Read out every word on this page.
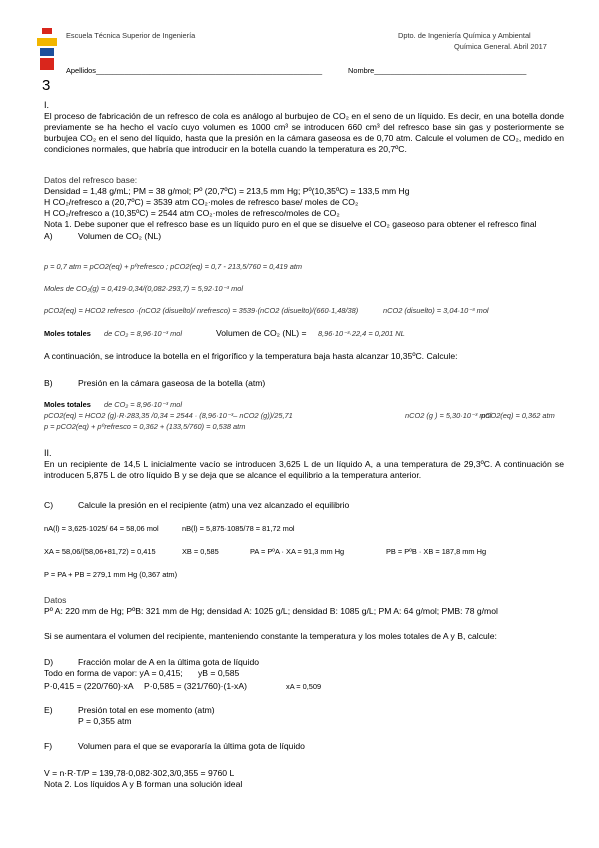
Escuela Técnica Superior de Ingeniería	Dpto. de Ingeniería Química y Ambiental
Química General. Abril 2017
Apellidos_______________________________________________________	Nombre_____________________________________
3
I.
El proceso de fabricación de un refresco de cola es análogo al burbujeo de CO₂ en el seno de un líquido. Es decir, en una botella donde previamente se ha hecho el vacío cuyo volumen es 1000 cm³ se introducen 660 cm³ del refresco base sin gas y posteriormente se burbujea CO₂ en el seno del líquido, hasta que la presión en la cámara gaseosa es de 0,70 atm. Calcule el volumen de CO₂, medido en condiciones normales, que habría que introducir en la botella cuando la temperatura es 20,7ºC.
Datos del refresco base:
Densidad = 1,48 g/mL; PM = 38 g/mol; Pº (20,7ºC) = 213,5 mm Hg; Pº(10,35ºC) = 133,5 mm Hg
H CO₂/refresco a (20,7ºC) = 3539 atm CO₂·moles de refresco base/ moles de CO₂
H CO₂/refresco a (10,35ºC) = 2544 atm CO₂·moles de refresco/moles de CO₂
Nota 1. Debe suponer que el refresco base es un líquido puro en el que se disuelve el CO₂ gaseoso para obtener el refresco final
A)	Volumen de CO₂ (NL)
p = 0,7 atm = pCO2(eq) + pºrefresco ; pCO2(eq) = 0,7 - 213,5/760 = 0,419 atm
Moles de CO₂(g) = 0,419·0,34/(0,082·293,7) = 5,92·10⁻³ mol
pCO2(eq) = HCO2 refresco ·(nCO2 (disuelto)/ nrefresco) = 3539·(nCO2 (disuelto)/(660·1,48/38)	nCO2 (disuelto) = 3,04·10⁻³ mol
Moles totales de CO₂ = 8,96·10⁻³ mol	Volumen de CO₂ (NL) = 8,96·10⁻³·22,4 = 0,201 NL
A continuación, se introduce la botella en el frigorífico y la temperatura baja hasta alcanzar 10,35ºC. Calcule:
B)	Presión en la cámara gaseosa de la botella (atm)
Moles totales de CO₂ = 8,96·10⁻³ mol
pCO2(eq) = HCO2 (g)·R·283,35 /0,34 = 2544 · (8,96·10⁻³– nCO2 (g))/25,71	nCO2 (g ) = 5,30·10⁻³ mol
pCO2(eq) = 0,362 atm
p = pCO2(eq) + pºrefresco = 0,362 + (133,5/760) = 0,538 atm
II.
En un recipiente de 14,5 L inicialmente vacío se introducen 3,625 L de un líquido A, a una temperatura de 29,3ºC. A continuación se introducen 5,875 L de otro líquido B y se deja que se alcance el equilibrio a la temperatura anterior.
C)	Calcule la presión en el recipiente (atm) una vez alcanzado el equilibrio
nA(l) = 3,625·1025/ 64 = 58,06 mol	nB(l) = 5,875·1085/78 = 81,72 mol
XA = 58,06/(58,06+81,72) = 0,415	XB = 0,585	PA = PºA · XA = 91,3 mm Hg	PB = PºB · XB = 187,8 mm Hg
P = PA + PB = 279,1 mm Hg (0,367 atm)
Datos
Pº A: 220 mm de Hg; PºB: 321 mm de Hg; densidad A: 1025 g/L; densidad B: 1085 g/L; PM A: 64 g/mol; PMB: 78 g/mol
Si se aumentara el volumen del recipiente, manteniendo constante la temperatura y los moles totales de A y B, calcule:
D)	Fracción molar de A en la última gota de líquido
Todo en forma de vapor: yA = 0,415; yB = 0,585
P·0,415 = (220/760)·xA P·0,585 = (321/760)·(1-xA)	xA = 0,509
E)	Presión total en ese momento (atm)
P = 0,355 atm
F)	Volumen para el que se evaporaría la última gota de líquido
V = n·R·T/P = 139,78·0,082·302,3/0,355 = 9760 L
Nota 2. Los líquidos A y B forman una solución ideal
